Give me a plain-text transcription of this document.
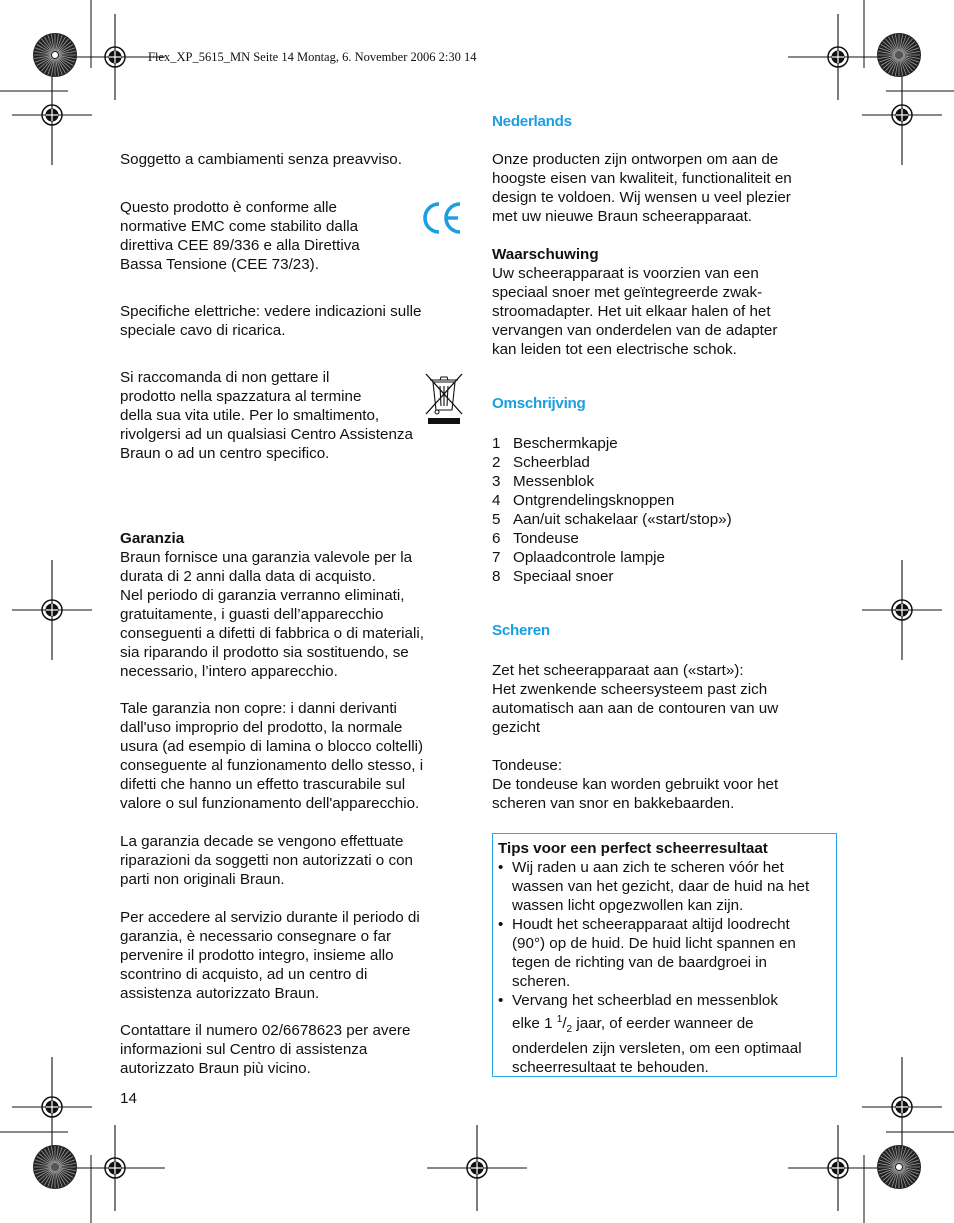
Flex_XP_5615_MN Seite 14 Montag, 6. November 2006 2:30 14

Soggetto a cambiamenti senza preavviso.

Questo prodotto è conforme alle
normative EMC come stabilito dalla
direttiva CEE 89/336 e alla Direttiva
Bassa Tensione (CEE 73/23).

Specifiche elettriche: vedere indicazioni sulle
speciale cavo di ricarica.

Si raccomanda di non gettare il
prodotto nella spazzatura al termine
della sua vita utile. Per lo smaltimento,
rivolgersi ad un qualsiasi Centro Assistenza
Braun o ad un centro specifico.

Garanzia

Braun fornisce una garanzia valevole per la
durata di 2 anni dalla data di acquisto.
Nel periodo di garanzia verranno eliminati,
gratuitamente, i guasti dell’apparecchio
conseguenti a difetti di fabbrica o di materiali,
sia riparando il prodotto sia sostituendo, se
necessario, l’intero apparecchio.

Tale garanzia non copre: i danni derivanti
dall'uso improprio del prodotto, la normale
usura (ad esempio di lamina o blocco coltelli)
conseguente al funzionamento dello stesso, i
difetti che hanno un effetto trascurabile sul
valore o sul funzionamento dell'apparecchio.

La garanzia decade se vengono effettuate
riparazioni da soggetti non autorizzati o con
parti non originali Braun.

Per accedere al servizio durante il periodo di
garanzia, è necessario consegnare o far
pervenire il prodotto integro, insieme allo
scontrino di acquisto, ad un centro di
assistenza autorizzato Braun.

Contattare il numero 02/6678623 per avere
informazioni sul Centro di assistenza
autorizzato Braun più vicino.

14
Nederlands

Onze producten zijn ontworpen om aan de
hoogste eisen van kwaliteit, functionaliteit en
design te voldoen. Wij wensen u veel plezier
met uw nieuwe Braun scheerapparaat.

Waarschuwing

Uw scheerapparaat is voorzien van een
speciaal snoer met geïntegreerde zwak-
stroomadapter. Het uit elkaar halen of het
vervangen van onderdelen van de adapter
kan leiden tot een electrische schok.

Omschrijving
1 Beschermkapje
2 Scheerblad
3 Messenblok
4 Ontgrendelingsknoppen
5 Aan/uit schakelaar («start/stop»)
6 Tondeuse
7 Oplaadcontrole lampje
8 Speciaal snoer
Scheren

Zet het scheerapparaat aan («start»):
Het zwenkende scheersysteem past zich
automatisch aan aan de contouren van uw
gezicht

Tondeuse:
De tondeuse kan worden gebruikt voor het
scheren van snor en bakkebaarden.

Tips voor een perfect scheerresultaat
• Wij raden u aan zich te scheren vóór het
wassen van het gezicht, daar de huid na het
wassen licht opgezwollen kan zijn.
• Houdt het scheerapparaat altijd loodrecht
(90°) op de huid. De huid licht spannen en
tegen de richting van de baardgroei in
scheren.
• Vervang het scheerblad en messenblok
elke 1 $^1/_2$ jaar, of eerder wanneer de
onderdelen zijn versleten, om een optimaal
scheerresultaat te behouden.
